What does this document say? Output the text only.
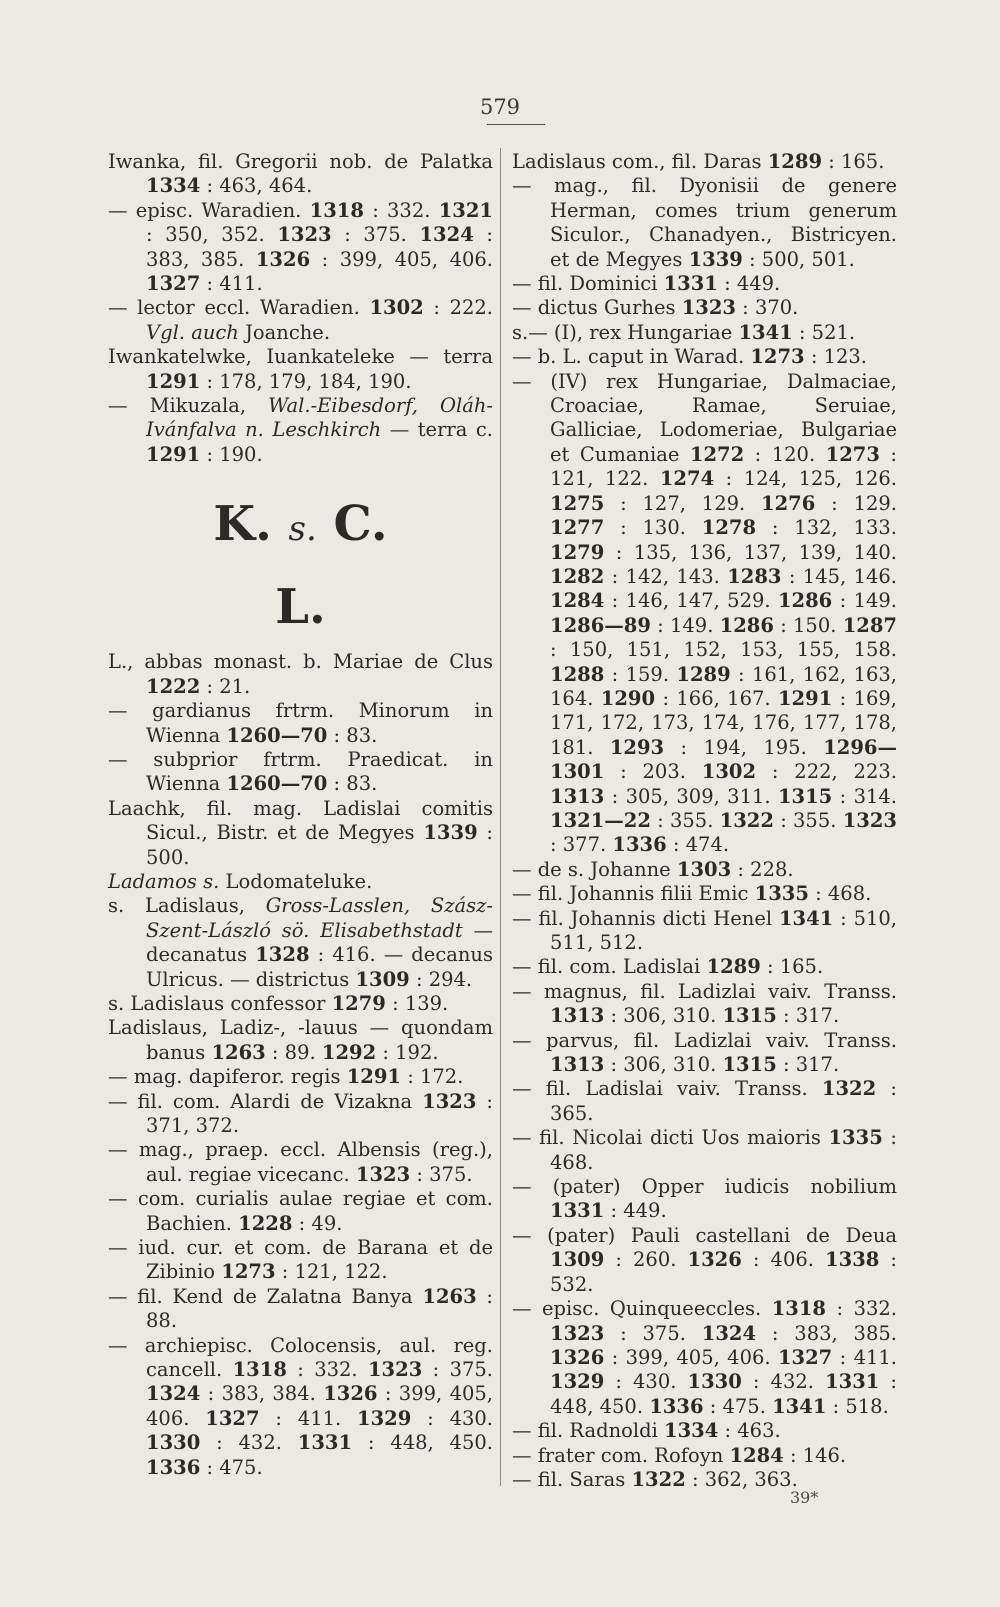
579

Iwanka, fil. Gregorii nob. de Palatka 1334 : 463, 464.

— episc. Waradien. 1318 : 332. 1321 : 350, 352. 1323 : 375. 1324 : 383, 385. 1326 : 399, 405, 406. 1327 : 411.

— lector eccl. Waradien. 1302 : 222. Vgl. auch Joanche.

Iwankatelwke, Iuankateleke — terra 1291 : 178, 179, 184, 190.

— Mikuzala, Wal.-Eibesdorf, Oláh-Ivánfalva n. Leschkirch — terra c. 1291 : 190.

K. s. C.
L.

L., abbas monast. b. Mariae de Clus 1222 : 21.

— gardianus frtrm. Minorum in Wienna 1260—70 : 83.

— subprior frtrm. Praedicat. in Wienna 1260—70 : 83.

Laachk, fil. mag. Ladislai comitis Sicul., Bistr. et de Megyes 1339 : 500.

Ladamos s. Lodomateluke.

s. Ladislaus, Gross-Lasslen, Szász-Szent-László sö. Elisabethstadt — decanatus 1328 : 416. — decanus Ulricus. — districtus 1309 : 294.

s. Ladislaus confessor 1279 : 139.

Ladislaus, Ladiz-, -lauus — quondam banus 1263 : 89. 1292 : 192.

— mag. dapiferor. regis 1291 : 172.

— fil. com. Alardi de Vizakna 1323 : 371, 372.

— mag., praep. eccl. Albensis (reg.), aul. regiae vicecanc. 1323 : 375.

— com. curialis aulae regiae et com. Bachien. 1228 : 49.

— iud. cur. et com. de Barana et de Zibinio 1273 : 121, 122.

— fil. Kend de Zalatna Banya 1263 : 88.

— archiepisc. Colocensis, aul. reg. cancell. 1318 : 332. 1323 : 375. 1324 : 383, 384. 1326 : 399, 405, 406. 1327 : 411. 1329 : 430. 1330 : 432. 1331 : 448, 450. 1336 : 475.

Ladislaus com., fil. Daras 1289 : 165.

— mag., fil. Dyonisii de genere Herman, comes trium generum Siculor., Chanadyen., Bistricyen. et de Megyes 1339 : 500, 501.

— fil. Dominici 1331 : 449.

— dictus Gurhes 1323 : 370.

s.— (I), rex Hungariae 1341 : 521.

— b. L. caput in Warad. 1273 : 123.

— (IV) rex Hungariae, Dalmaciae, Croaciae, Ramae, Seruiae, Galliciae, Lodomeriae, Bulgariae et Cumaniae 1272 : 120. 1273 : 121, 122. 1274 : 124, 125, 126. 1275 : 127, 129. 1276 : 129. 1277 : 130. 1278 : 132, 133. 1279 : 135, 136, 137, 139, 140. 1282 : 142, 143. 1283 : 145, 146. 1284 : 146, 147, 529. 1286 : 149. 1286—89 : 149. 1286 : 150. 1287 : 150, 151, 152, 153, 155, 158. 1288 : 159. 1289 : 161, 162, 163, 164. 1290 : 166, 167. 1291 : 169, 171, 172, 173, 174, 176, 177, 178, 181. 1293 : 194, 195. 1296—1301 : 203. 1302 : 222, 223. 1313 : 305, 309, 311. 1315 : 314. 1321—22 : 355. 1322 : 355. 1323 : 377. 1336 : 474.

— de s. Johanne 1303 : 228.

— fil. Johannis filii Emic 1335 : 468.

— fil. Johannis dicti Henel 1341 : 510, 511, 512.

— fil. com. Ladislai 1289 : 165.

— magnus, fil. Ladizlai vaiv. Transs. 1313 : 306, 310. 1315 : 317.

— parvus, fil. Ladizlai vaiv. Transs. 1313 : 306, 310. 1315 : 317.

— fil. Ladislai vaiv. Transs. 1322 : 365.

— fil. Nicolai dicti Uos maioris 1335 : 468.

— (pater) Opper iudicis nobilium 1331 : 449.

— (pater) Pauli castellani de Deua 1309 : 260. 1326 : 406. 1338 : 532.

— episc. Quinqueeccles. 1318 : 332. 1323 : 375. 1324 : 383, 385. 1326 : 399, 405, 406. 1327 : 411. 1329 : 430. 1330 : 432. 1331 : 448, 450. 1336 : 475. 1341 : 518.

— fil. Radnoldi 1334 : 463.

— frater com. Rofoyn 1284 : 146.

— fil. Saras 1322 : 362, 363.

39*
